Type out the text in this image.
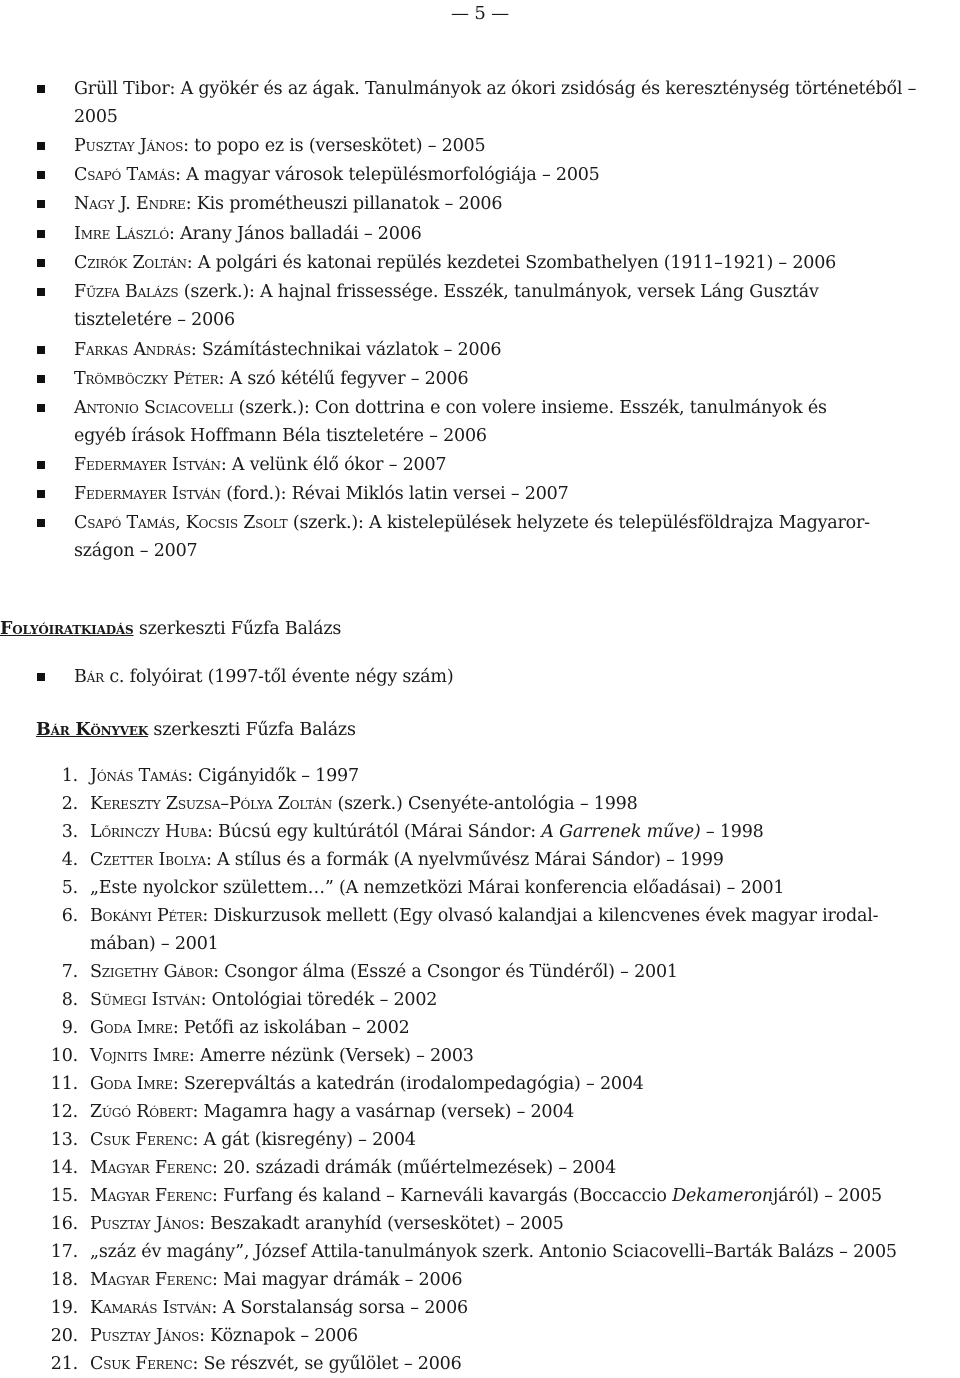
— 5 —
Grüll Tibor: A gyökér és az ágak. Tanulmányok az ókori zsidóság és kereszténység történetéből –
2005
Pusztay János: to popo ez is (verseskötet) – 2005
Csapó Tamás: A magyar városok településmorfológiája – 2005
Nagy J. Endre: Kis prométheuszi pillanatok – 2006
Imre László: Arany János balladái – 2006
Czirók Zoltán: A polgári és katonai repülés kezdetei Szombathelyen (1911–1921) – 2006
Fűzfa Balázs (szerk.): A hajnal frissessége. Esszék, tanulmányok, versek Láng Gusztáv
tiszteletére – 2006
Farkas András: Számítástechnikai vázlatok – 2006
Trömböczky Péter: A szó kétélű fegyver – 2006
Antonio Sciacovelli (szerk.): Con dottrina e con volere insieme. Esszék, tanulmányok és
egyéb írások Hoffmann Béla tiszteletére – 2006
Federmayer István: A velünk élő ókor – 2007
Federmayer István (ford.): Révai Miklós latin versei – 2007
Csapó Tamás, Kocsis Zsolt (szerk.): A kistelepülések helyzete és településföldrajza Magyaror-
szágon – 2007
Folyóiratkiadás szerkeszti Fűzfa Balázs
Bár c. folyóirat (1997-től évente négy szám)
Bár Könyvek szerkeszti Fűzfa Balázs
1. Jónás Tamás: Cigányidők – 1997
2. Kereszty Zsuzsa–Pólya Zoltán (szerk.) Csenyéte-antológia – 1998
3. Lőrinczy Huba: Búcsú egy kultúrától (Márai Sándor: A Garrenek műve) – 1998
4. Czetter Ibolya: A stílus és a formák (A nyelvművész Márai Sándor) – 1999
5. „Este nyolckor születtem…” (A nemzetközi Márai konferencia előadásai) – 2001
6. Bokányi Péter: Diskurzusok mellett (Egy olvasó kalandjai a kilencvenes évek magyar irodal-
mában) – 2001
7. Szigethy Gábor: Csongor álma (Esszé a Csongor és Tündéről) – 2001
8. Sümegi István: Ontológiai töredék – 2002
9. Goda Imre: Petőfi az iskolában – 2002
10. Vojnits Imre: Amerre nézünk (Versek) – 2003
11. Goda Imre: Szerepváltás a katedrán (irodalompedagógia) – 2004
12. Zúgó Róbert: Magamra hagy a vasárnap (versek) – 2004
13. Csuk Ferenc: A gát (kisregény) – 2004
14. Magyar Ferenc: 20. századi drámák (műértelmezések) – 2004
15. Magyar Ferenc: Furfang és kaland – Karneváli kavargás (Boccaccio Dekameronjáról) – 2005
16. Pusztay János: Beszakadt aranyhíd (verseskötet) – 2005
17. „száz év magány”, József Attila-tanulmányok szerk. Antonio Sciacovelli–Barták Balázs – 2005
18. Magyar Ferenc: Mai magyar drámák – 2006
19. Kamarás István: A Sorstalanság sorsa – 2006
20. Pusztay János: Köznapok – 2006
21. Csuk Ferenc: Se részvét, se gyűlölet – 2006
